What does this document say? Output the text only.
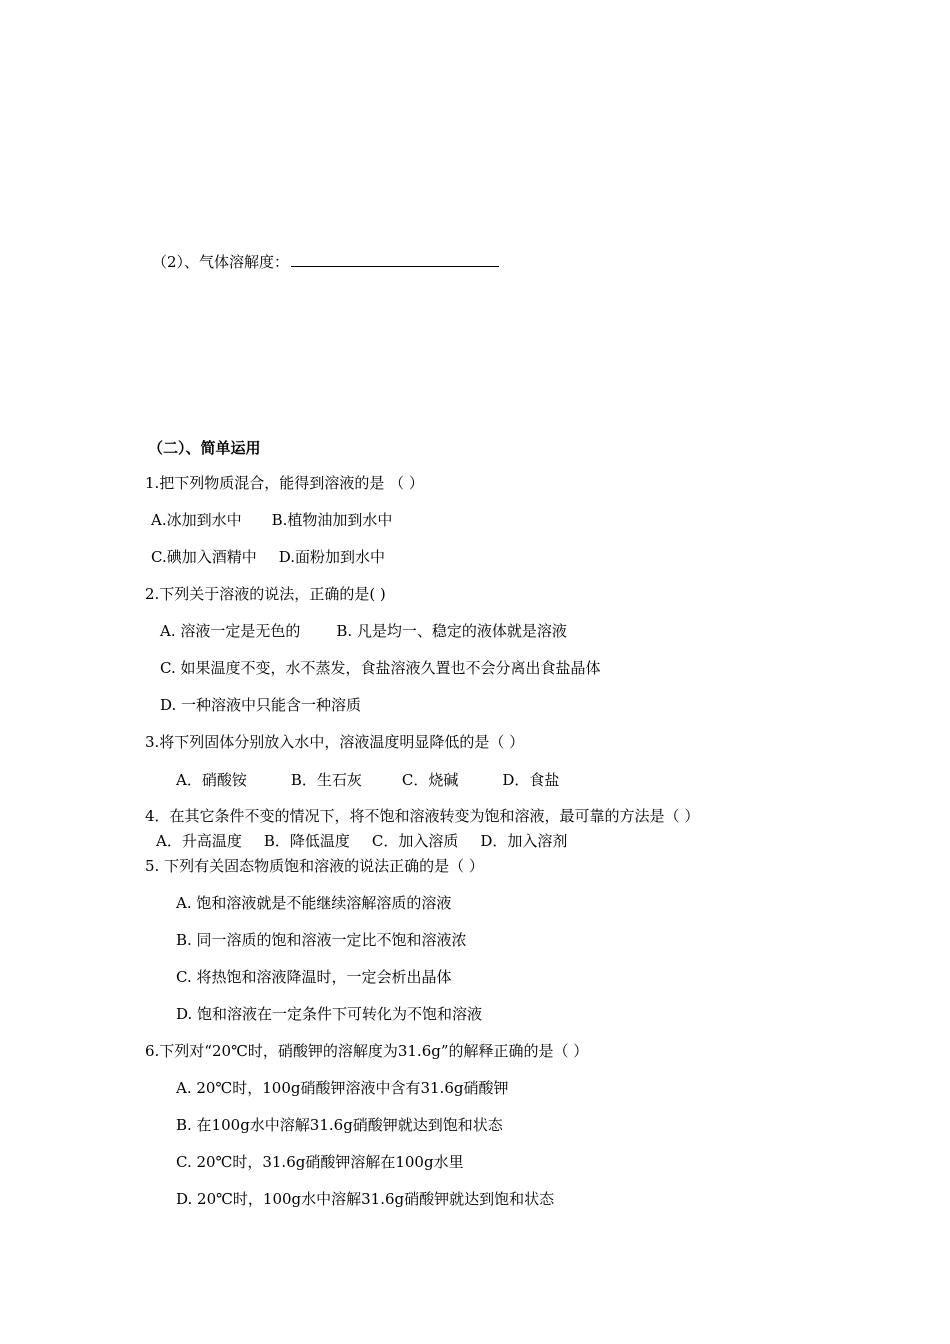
（2）、气体溶解度：
（二）、简单运用
1.把下列物质混合，能得到溶液的是 （ ）
A.冰加到水中 B.植物油加到水中
C.碘加入酒精中 D.面粉加到水中
2.下列关于溶液的说法，正确的是( )
A. 溶液一定是无色的 B. 凡是均一、稳定的液体就是溶液
C. 如果温度不变，水不蒸发，食盐溶液久置也不会分离出食盐晶体
D. 一种溶液中只能含一种溶质
3.将下列固体分别放入水中，溶液温度明显降低的是（ ）
A．硝酸铵	B．生石灰	C．烧碱	D．食盐
4．在其它条件不变的情况下，将不饱和溶液转变为饱和溶液，最可靠的方法是（ ）
A．升高温度 B．降低温度 C．加入溶质 D．加入溶剂
5. 下列有关固态物质饱和溶液的说法正确的是（ ）
A. 饱和溶液就是不能继续溶解溶质的溶液
B. 同一溶质的饱和溶液一定比不饱和溶液浓
C. 将热饱和溶液降温时，一定会析出晶体
D. 饱和溶液在一定条件下可转化为不饱和溶液
6.下列对“20℃时，硝酸钾的溶解度为31.6g”的解释正确的是（ ）
A. 20℃时，100g硝酸钾溶液中含有31.6g硝酸钾
B. 在100g水中溶解31.6g硝酸钾就达到饱和状态
C. 20℃时，31.6g硝酸钾溶解在100g水里
D. 20℃时，100g水中溶解31.6g硝酸钾就达到饱和状态
